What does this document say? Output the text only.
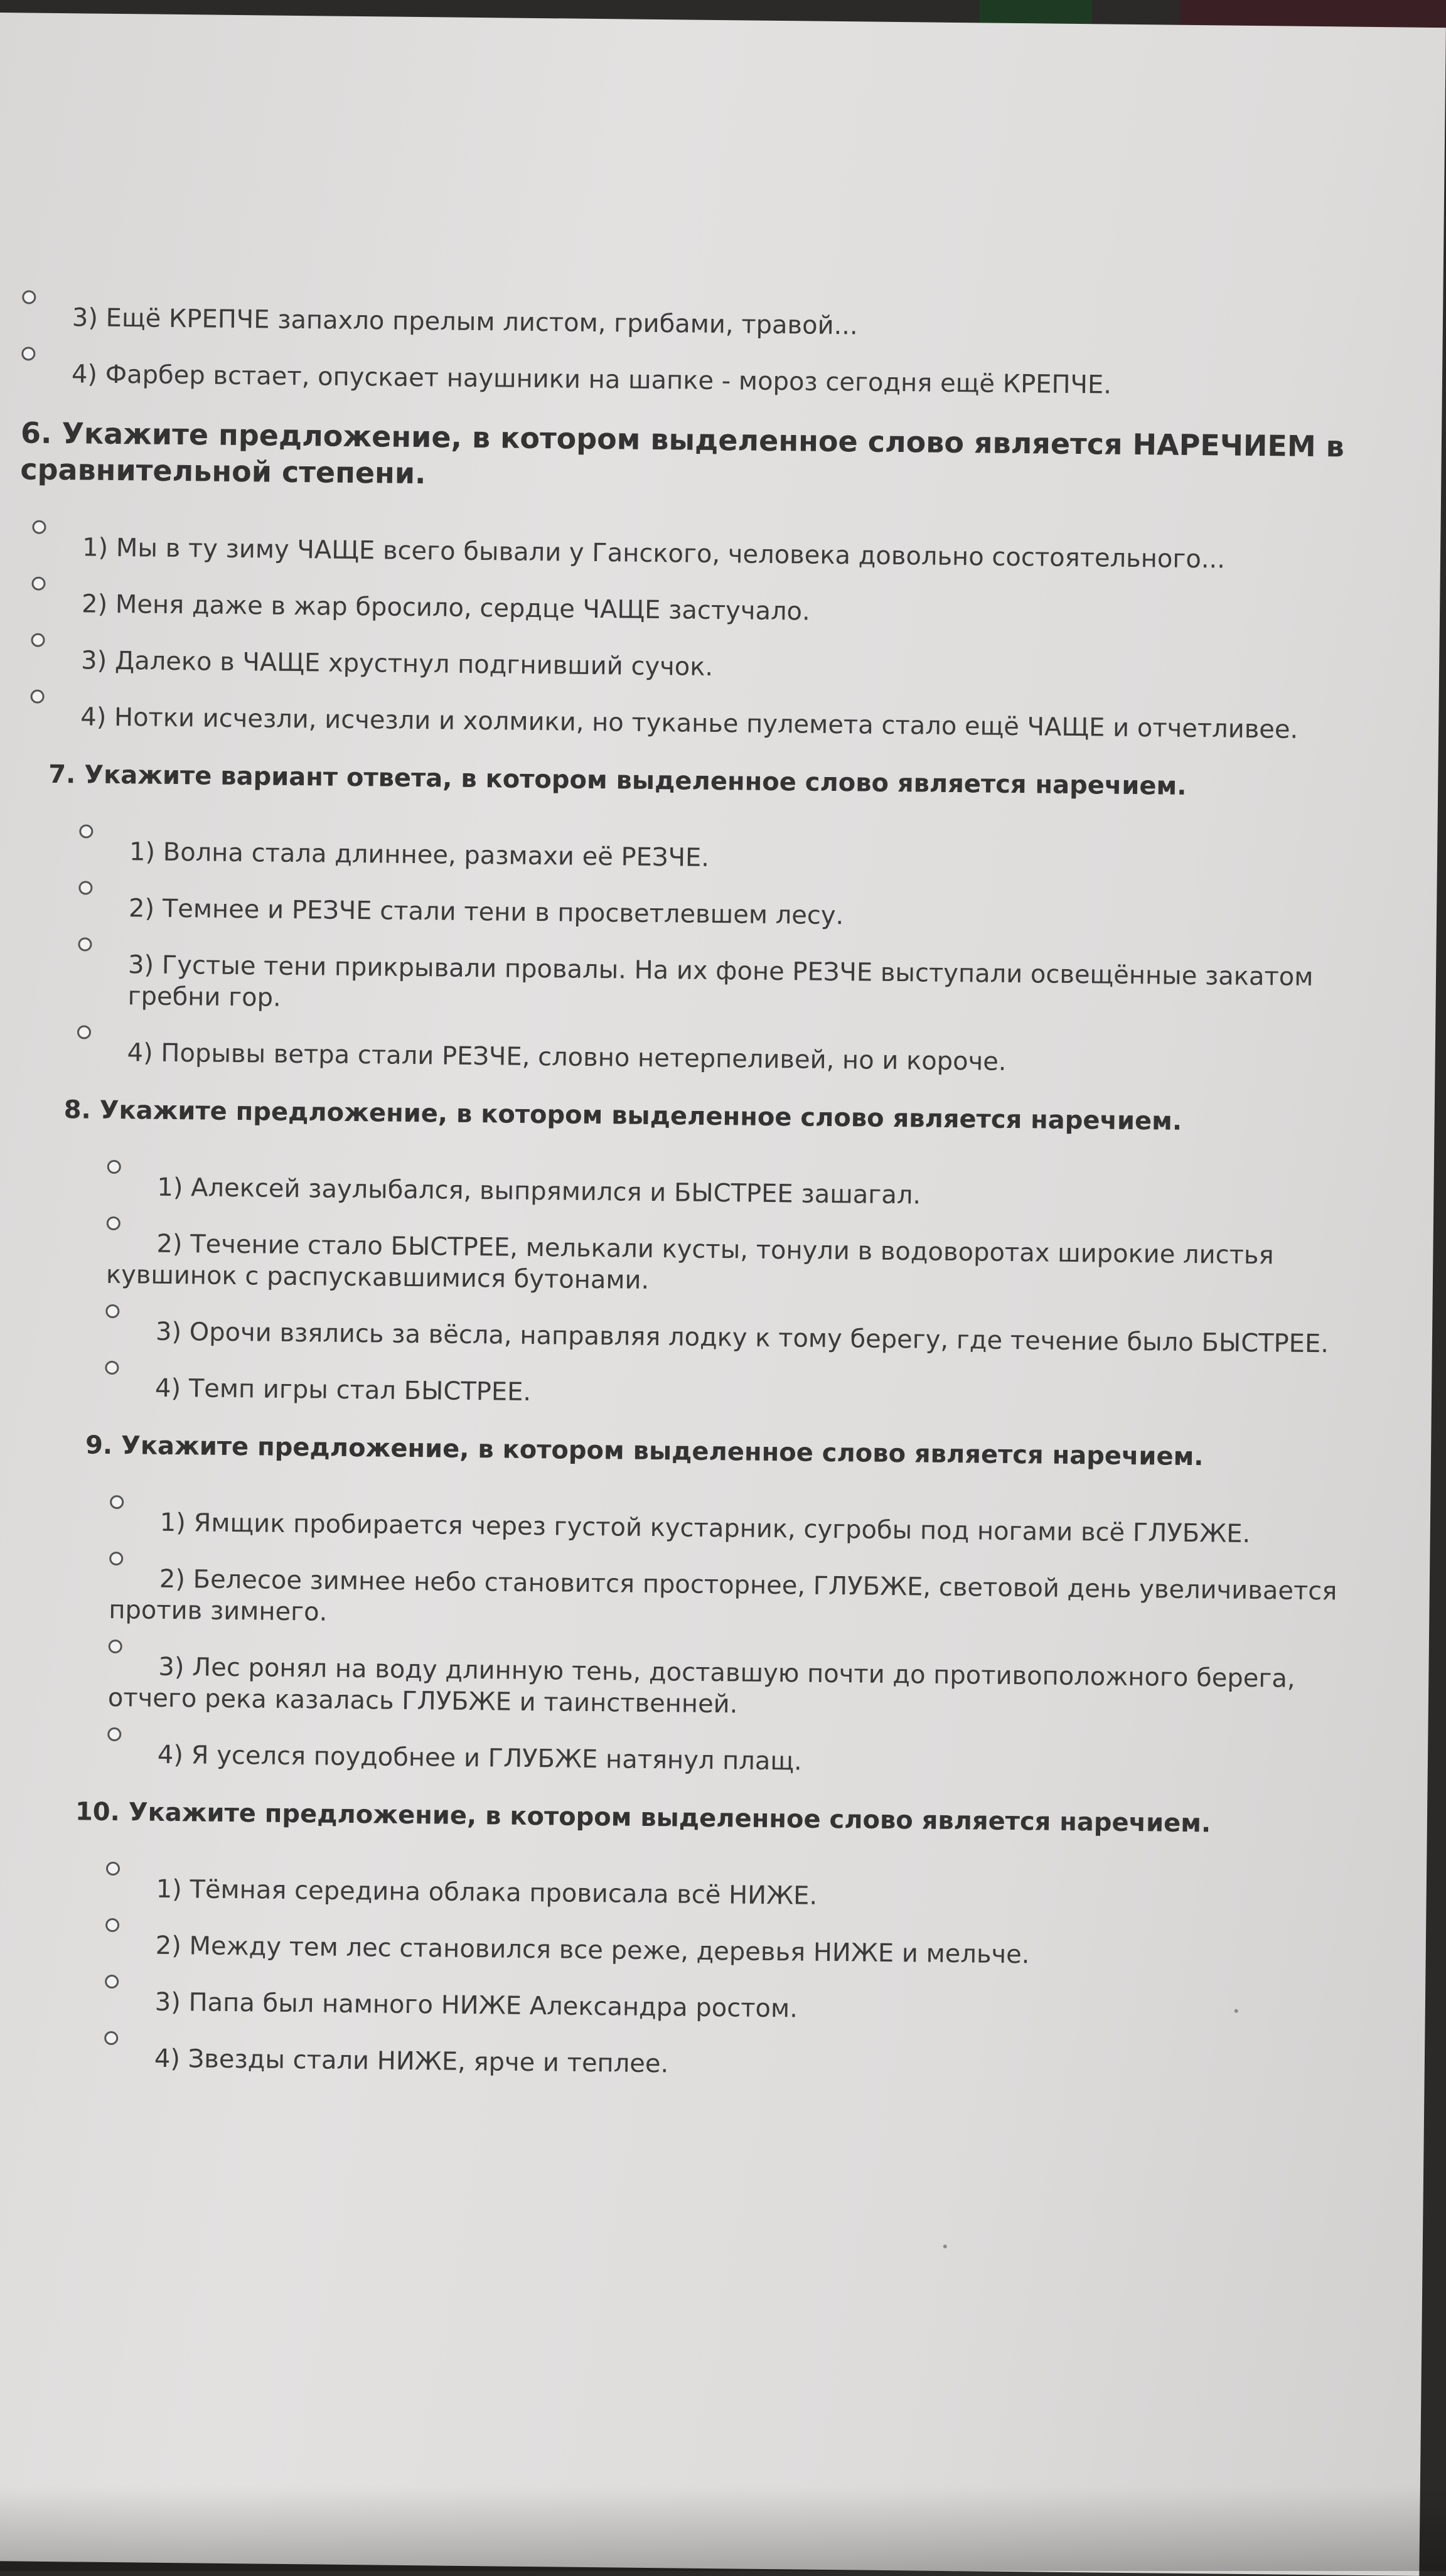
3) Ещё КРЕПЧЕ запахло прелым листом, грибами, травой...

4) Фарбер встает, опускает наушники на шапке - мороз сегодня ещё КРЕПЧЕ.

6. Укажите предложение, в котором выделенное слово является НАРЕЧИЕМ в сравнительной степени.

1) Мы в ту зиму ЧАЩЕ всего бывали у Ганского, человека довольно состоятельного...

2) Меня даже в жар бросило, сердце ЧАЩЕ застучало.

3) Далеко в ЧАЩЕ хрустнул подгнивший сучок.

4) Нотки исчезли, исчезли и холмики, но туканье пулемета стало ещё ЧАЩЕ и отчетливее.

7. Укажите вариант ответа, в котором выделенное слово является наречием.

1) Волна стала длиннее, размахи её РЕЗЧЕ.

2) Темнее и РЕЗЧЕ стали тени в просветлевшем лесу.

3) Густые тени прикрывали провалы. На их фоне РЕЗЧЕ выступали освещённые закатом гребни гор.

4) Порывы ветра стали РЕЗЧЕ, словно нетерпеливей, но и короче.

8. Укажите предложение, в котором выделенное слово является наречием.

1) Алексей заулыбался, выпрямился и БЫСТРЕЕ зашагал.

2) Течение стало БЫСТРЕЕ, мелькали кусты, тонули в водоворотах широкие листья кувшинок с распускавшимися бутонами.

3) Орочи взялись за вёсла, направляя лодку к тому берегу, где течение было БЫСТРЕЕ.

4) Темп игры стал БЫСТРЕЕ.

9. Укажите предложение, в котором выделенное слово является наречием.

1) Ямщик пробирается через густой кустарник, сугробы под ногами всё ГЛУБЖЕ.

2) Белесое зимнее небо становится просторнее, ГЛУБЖЕ, световой день увеличивается против зимнего.

3) Лес ронял на воду длинную тень, доставшую почти до противоположного берега, отчего река казалась ГЛУБЖЕ и таинственней.

4) Я уселся поудобнее и ГЛУБЖЕ натянул плащ.

10. Укажите предложение, в котором выделенное слово является наречием.

1) Тёмная середина облака провисала всё НИЖЕ.

2) Между тем лес становился все реже, деревья НИЖЕ и мельче.

3) Папа был намного НИЖЕ Александра ростом.

4) Звезды стали НИЖЕ, ярче и теплее.
